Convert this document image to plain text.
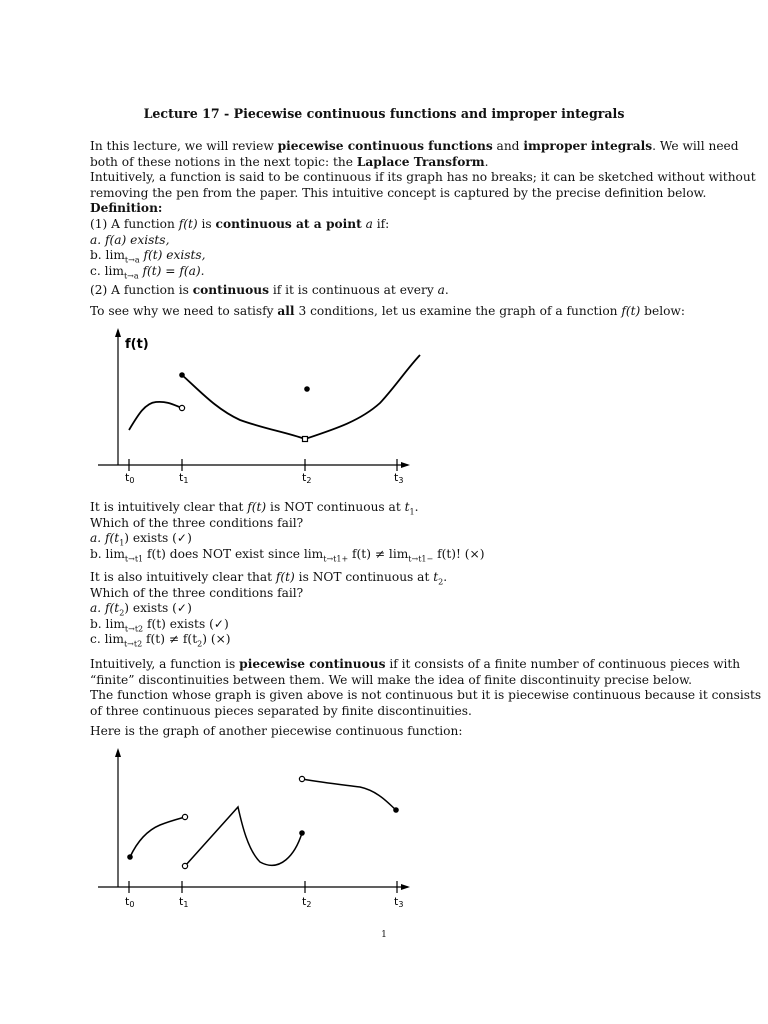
Lecture 17 - Piecewise continuous functions and improper integrals
In this lecture, we will review piecewise continuous functions and improper integrals. We will need
both of these notions in the next topic: the Laplace Transform.
Intuitively, a function is said to be continuous if its graph has no breaks; it can be sketched without without
removing the pen from the paper. This intuitive concept is captured by the precise definition below.
Definition:
(1) A function f(t) is continuous at a point a if:
a. f(a) exists,
b. $\lim_{t\to a} f(t)$ exists,
c. $\lim_{t\to a} f(t) = f(a)$.
(2) A function is continuous if it is continuous at every a.
To see why we need to satisfy all 3 conditions, let us examine the graph of a function f(t) below:
f(t)
t0	t1	t2	t3
It is intuitively clear that f(t) is NOT continuous at $t_1$.
Which of the three conditions fail?
a. $f(t_1)$ exists (✓)
b. $\lim_{t\to t1} f(t)$ does NOT exist since $\lim_{t\to t1+} f(t) \ne \lim_{t\to t1-} f(t)$! (×)
It is also intuitively clear that f(t) is NOT continuous at $t_2$.
Which of the three conditions fail?
a. $f(t_2)$ exists (✓)
b. $\lim_{t\to t2} f(t)$ exists (✓)
c. $\lim_{t\to t2} f(t) \ne f(t_2)$ (×)
Intuitively, a function is piecewise continuous if it consists of a finite number of continuous pieces with
“finite” discontinuities between them. We will make the idea of finite discontinuity precise below.
The function whose graph is given above is not continuous but it is piecewise continuous because it consists
of three continuous pieces separated by finite discontinuities.
Here is the graph of another piecewise continuous function:
t0	t1	t2	t3
1
